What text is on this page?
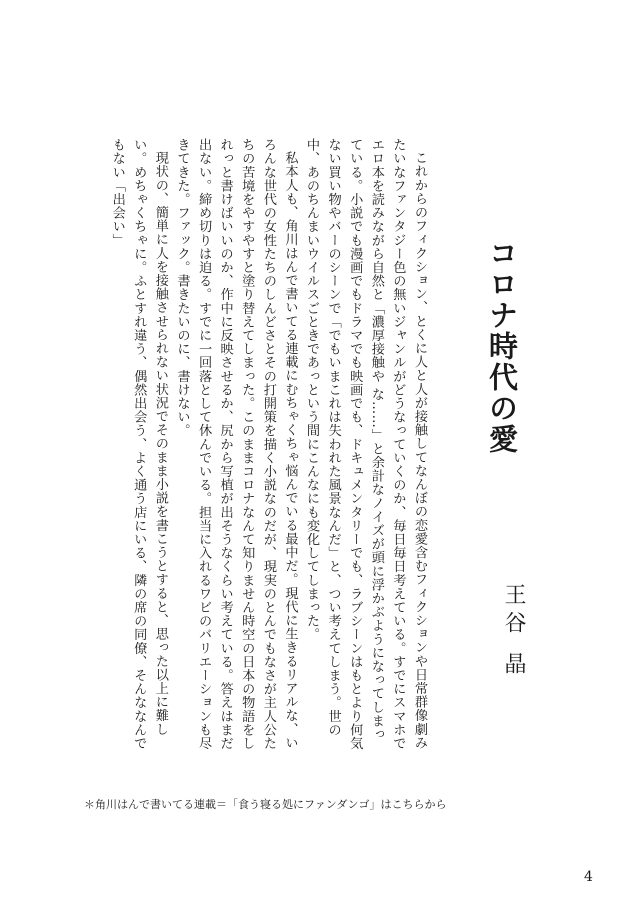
コロナ時代の愛
王谷 晶

これからのフィクション、とくに人と人が接触してなんぼの恋愛含むフィクションや日常群像劇みたいなファンタジー色の無いジャンルがどうなっていくのか、毎日毎日考えている。すでにスマホでエロ本を読みながら自然と「濃厚接触や な……」と余計なノイズが頭に浮かぶようになってしまっている。小説でも漫画でもドラマでも映画でも、ドキュメンタリーでも、ラブシーンはもとより何気ない買い物やバーのシーンで「でもいまこれは失われた風景なんだ」と、つい考えてしまう。世の中、あのちんまいウイルスごときであっという間にこんなにも変化してしまった。

私本人も、角川はんで書いてる連載にむちゃくちゃ悩んでいる最中だ。現代に生きるリアルな、いろんな世代の女性たちのしんどさとその打開策を描く小説なのだが、現実のとんでもなさが主人公たちの苦境をやすやすと塗り替えてしまった。このままコロナなんて知りません時空の日本の物語をしれっと書けばいいのか、作中に反映させるか、尻から写植が出そうなくらい考えている。答えはまだ出ない。締め切りは迫る。すでに一回落として休んでいる。担当に入れるワビのバリエーションも尽きてきた。ファック。書きたいのに、書けない。

現状の、簡単に人を接触させられない状況でそのまま小説を書こうとすると、思った以上に難しい。めちゃくちゃに。ふとすれ違う、偶然出会う、よく通う店にいる、隣の席の同僚、そんななんでもない「出会い」

＊角川はんで書いてる連載＝「食う寝る処にファンダンゴ」はこちらから
4
